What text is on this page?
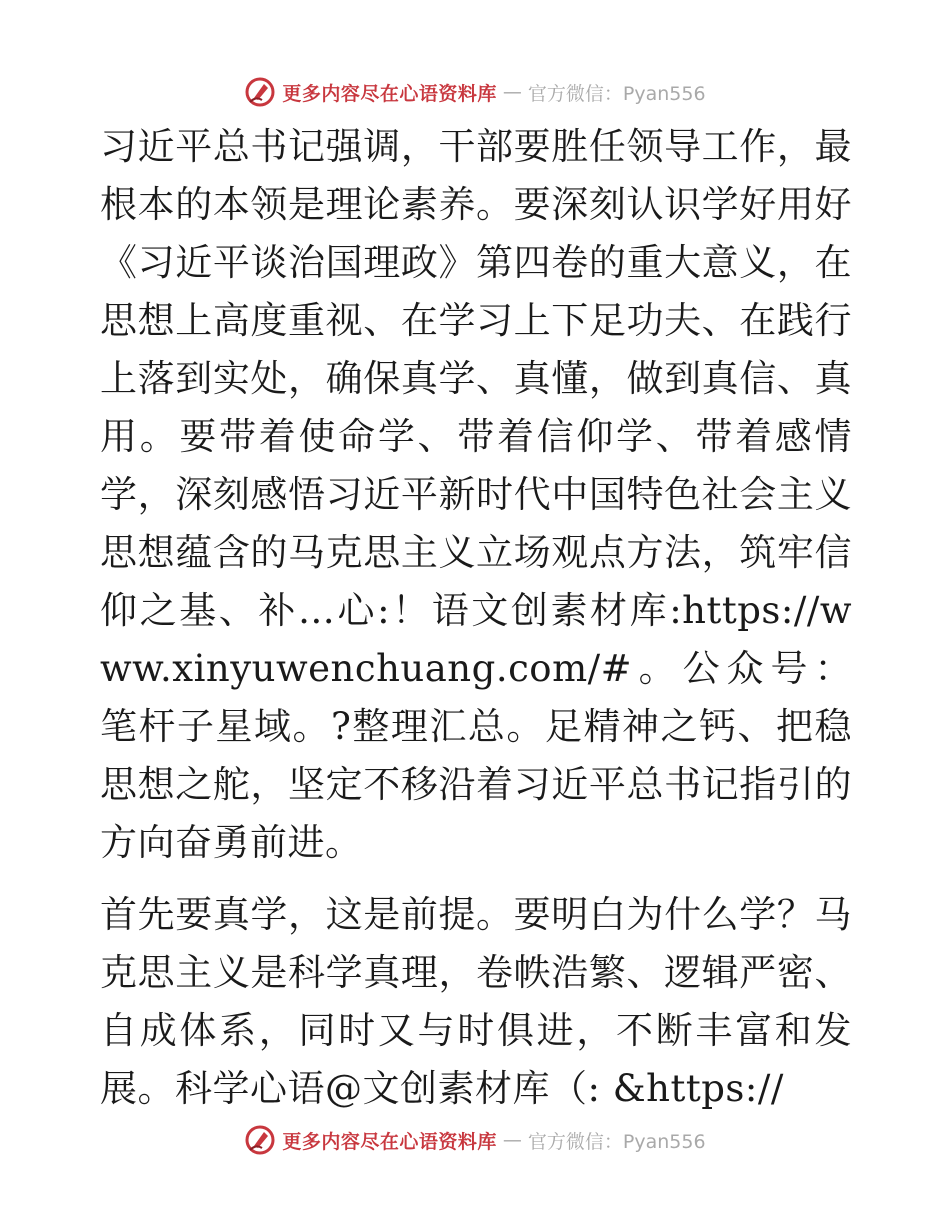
更多内容尽在心语资料库 — 官方微信：Pyan556

习近平总书记强调，干部要胜任领导工作，最根本的本领是理论素养。要深刻认识学好用好《习近平谈治国理政》第四卷的重大意义，在思想上高度重视、在学习上下足功夫、在践行上落到实处，确保真学、真懂，做到真信、真用。要带着使命学、带着信仰学、带着感情学，深刻感悟习近平新时代中国特色社会主义思想蕴含的马克思主义立场观点方法，筑牢信仰之基、补…心:！语文创素材库:https://www.xinyuwenchuang.com/#。公众号：笔杆子星域。?整理汇总。足精神之钙、把稳思想之舵，坚定不移沿着习近平总书记指引的方向奋勇前进。

首先要真学，这是前提。要明白为什么学？马克思主义是科学真理，卷帙浩繁、逻辑严密、自成体系，同时又与时俱进，不断丰富和发展。科学心语@文创素材库（: &https://

更多内容尽在心语资料库 — 官方微信：Pyan556
